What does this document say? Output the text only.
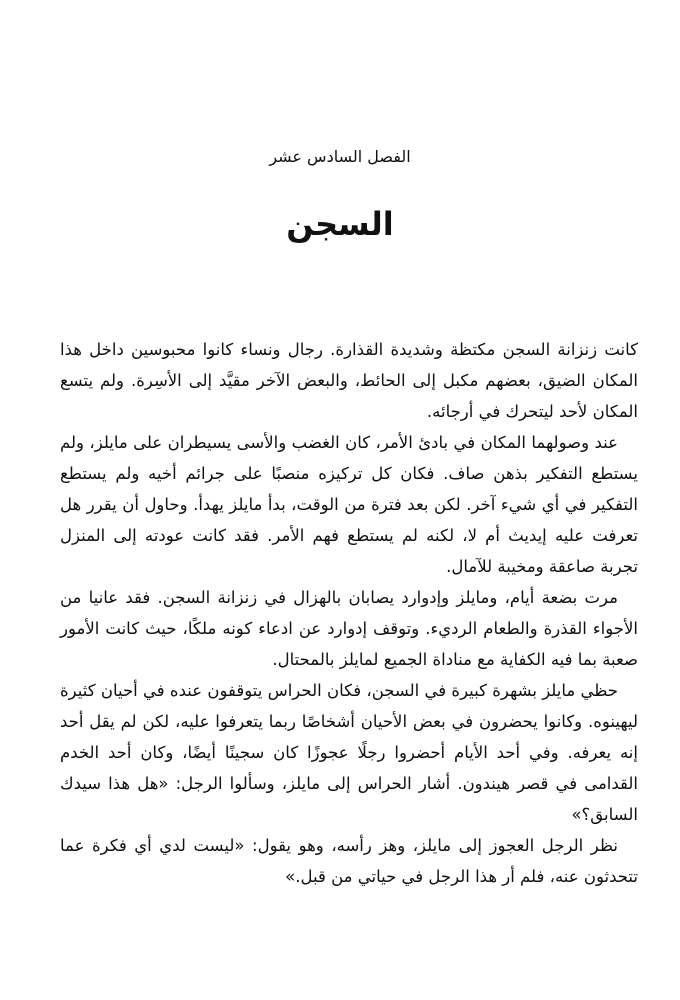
الفصل السادس عشر
السجن

كانت زنزانة السجن مكتظة وشديدة القذارة. رجال ونساء كانوا محبوسين داخل هذا المكان الضيق، بعضهم مكبل إلى الحائط، والبعض الآخر مقيَّد إلى الأسِرة. ولم يتسع المكان لأحد ليتحرك في أرجائه.

عند وصولهما المكان في بادئ الأمر، كان الغضب والأسى يسيطران على مايلز، ولم يستطع التفكير بذهن صاف. فكان كل تركيزه منصبًا على جرائم أخيه ولم يستطع التفكير في أي شيء آخر. لكن بعد فترة من الوقت، بدأ مايلز يهدأ. وحاول أن يقرر هل تعرفت عليه إيديث أم لا، لكنه لم يستطع فهم الأمر. فقد كانت عودته إلى المنزل تجربة صاعقة ومخيبة للآمال.

مرت بضعة أيام، ومايلز وإدوارد يصابان بالهزال في زنزانة السجن. فقد عانيا من الأجواء القذرة والطعام الرديء. وتوقف إدوارد عن ادعاء كونه ملكًا، حيث كانت الأمور صعبة بما فيه الكفاية مع مناداة الجميع لمايلز بالمحتال.

حظي مايلز بشهرة كبيرة في السجن، فكان الحراس يتوقفون عنده في أحيان كثيرة ليهينوه. وكانوا يحضرون في بعض الأحيان أشخاصًا ربما يتعرفوا عليه، لكن لم يقل أحد إنه يعرفه. وفي أحد الأيام أحضروا رجلًا عجوزًا كان سجينًا أيضًا، وكان أحد الخدم القدامى في قصر هيندون. أشار الحراس إلى مايلز، وسألوا الرجل: «هل هذا سيدك السابق؟»

نظر الرجل العجوز إلى مايلز، وهز رأسه، وهو يقول: «ليست لدي أي فكرة عما تتحدثون عنه، فلم أر هذا الرجل في حياتي من قبل.»
